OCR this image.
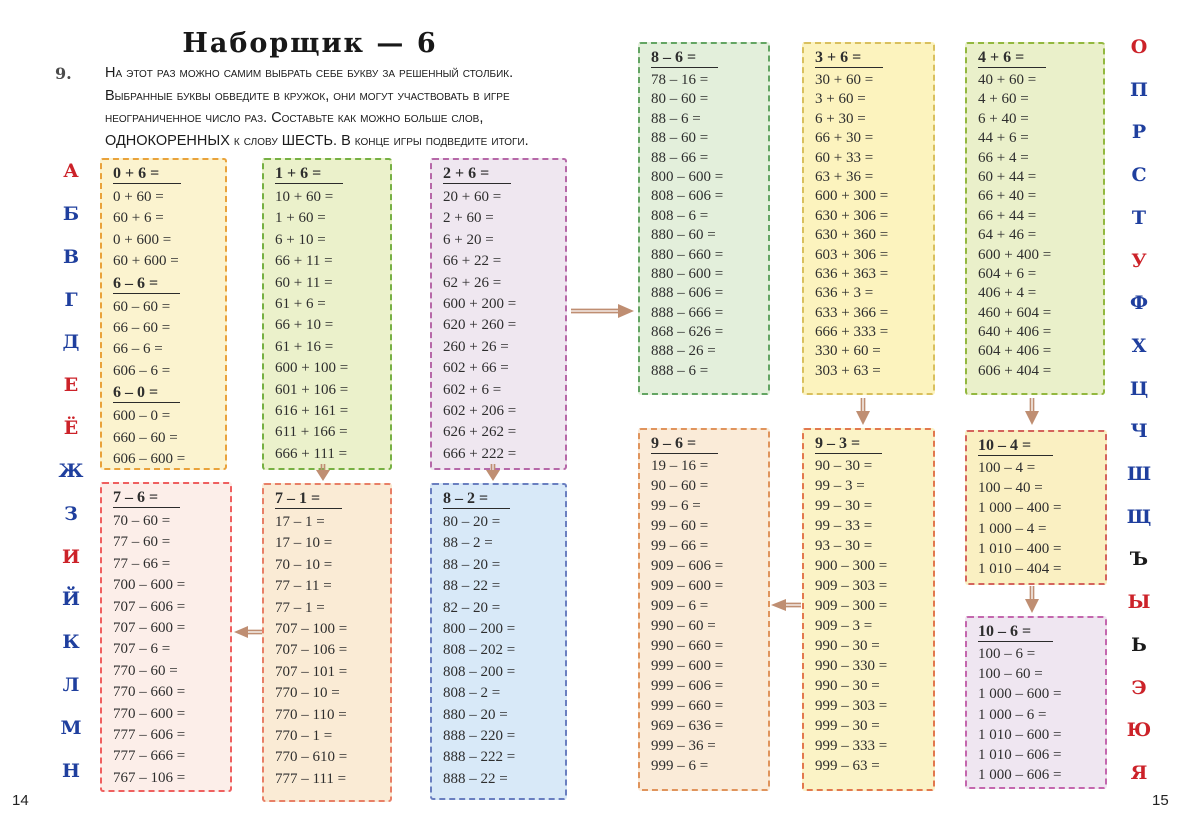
Наборщик — 6
9. На этот раз можно самим выбрать себе букву за решенный столбик. Выбранные буквы обведите в кружок, они могут участвовать в игре неограниченное число раз. Составьте как можно больше слов, ОДНОКОРЕННЫХ к слову ШЕСТЬ. В конце игры подведите итоги.
А
Б
В
Г
Д
Е
Ё
Ж
З
И
Й
К
Л
М
Н
О
П
Р
С
Т
У
Ф
Х
Ц
Ч
Ш
Щ
Ъ
Ы
Ь
Э
Ю
Я
0 + 6 =
0 + 60 =
60 + 6 =
0 + 600 =
60 + 600 =
6 – 6 =
60 – 60 =
66 – 60 =
66 – 6 =
606 – 6 =
6 – 0 =
600 – 0 =
660 – 60 =
606 – 600 =
1 + 6 =
10 + 60 =
1 + 60 =
6 + 10 =
66 + 11 =
60 + 11 =
61 + 6 =
66 + 10 =
61 + 16 =
600 + 100 =
601 + 106 =
616 + 161 =
611 + 166 =
666 + 111 =
2 + 6 =
20 + 60 =
2 + 60 =
6 + 20 =
66 + 22 =
62 + 26 =
600 + 200 =
620 + 260 =
260 + 26 =
602 + 66 =
602 + 6 =
602 + 206 =
626 + 262 =
666 + 222 =
7 – 6 =
70 – 60 =
77 – 60 =
77 – 66 =
700 – 600 =
707 – 606 =
707 – 600 =
707 – 6 =
770 – 60 =
770 – 660 =
770 – 600 =
777 – 606 =
777 – 666 =
767 – 106 =
7 – 1 =
17 – 1 =
17 – 10 =
70 – 10 =
77 – 11 =
77 – 1 =
707 – 100 =
707 – 106 =
707 – 101 =
770 – 10 =
770 – 110 =
770 – 1 =
770 – 610 =
777 – 111 =
8 – 2 =
80 – 20 =
88 – 2 =
88 – 20 =
88 – 22 =
82 – 20 =
800 – 200 =
808 – 202 =
808 – 200 =
808 – 2 =
880 – 20 =
888 – 220 =
888 – 222 =
888 – 22 =
8 – 6 =
78 – 16 =
80 – 60 =
88 – 6 =
88 – 60 =
88 – 66 =
800 – 600 =
808 – 606 =
808 – 6 =
880 – 60 =
880 – 660 =
880 – 600 =
888 – 606 =
888 – 666 =
868 – 626 =
888 – 26 =
888 – 6 =
3 + 6 =
30 + 60 =
3 + 60 =
6 + 30 =
66 + 30 =
60 + 33 =
63 + 36 =
600 + 300 =
630 + 306 =
630 + 360 =
603 + 306 =
636 + 363 =
636 + 3 =
633 + 366 =
666 + 333 =
330 + 60 =
303 + 63 =
4 + 6 =
40 + 60 =
4 + 60 =
6 + 40 =
44 + 6 =
66 + 4 =
60 + 44 =
66 + 40 =
66 + 44 =
64 + 46 =
600 + 400 =
604 + 6 =
406 + 4 =
460 + 604 =
640 + 406 =
604 + 406 =
606 + 404 =
9 – 6 =
19 – 16 =
90 – 60 =
99 – 6 =
99 – 60 =
99 – 66 =
909 – 606 =
909 – 600 =
909 – 6 =
990 – 60 =
990 – 660 =
999 – 600 =
999 – 606 =
999 – 660 =
969 – 636 =
999 – 36 =
999 – 6 =
9 – 3 =
90 – 30 =
99 – 3 =
99 – 30 =
99 – 33 =
93 – 30 =
900 – 300 =
909 – 303 =
909 – 300 =
909 – 3 =
990 – 30 =
990 – 330 =
990 – 30 =
999 – 303 =
999 – 30 =
999 – 333 =
999 – 63 =
10 – 4 =
100 – 4 =
100 – 40 =
1 000 – 400 =
1 000 – 4 =
1 010 – 400 =
1 010 – 404 =
10 – 6 =
100 – 6 =
100 – 60 =
1 000 – 600 =
1 000 – 6 =
1 010 – 600 =
1 010 – 606 =
1 000 – 606 =
14	15
